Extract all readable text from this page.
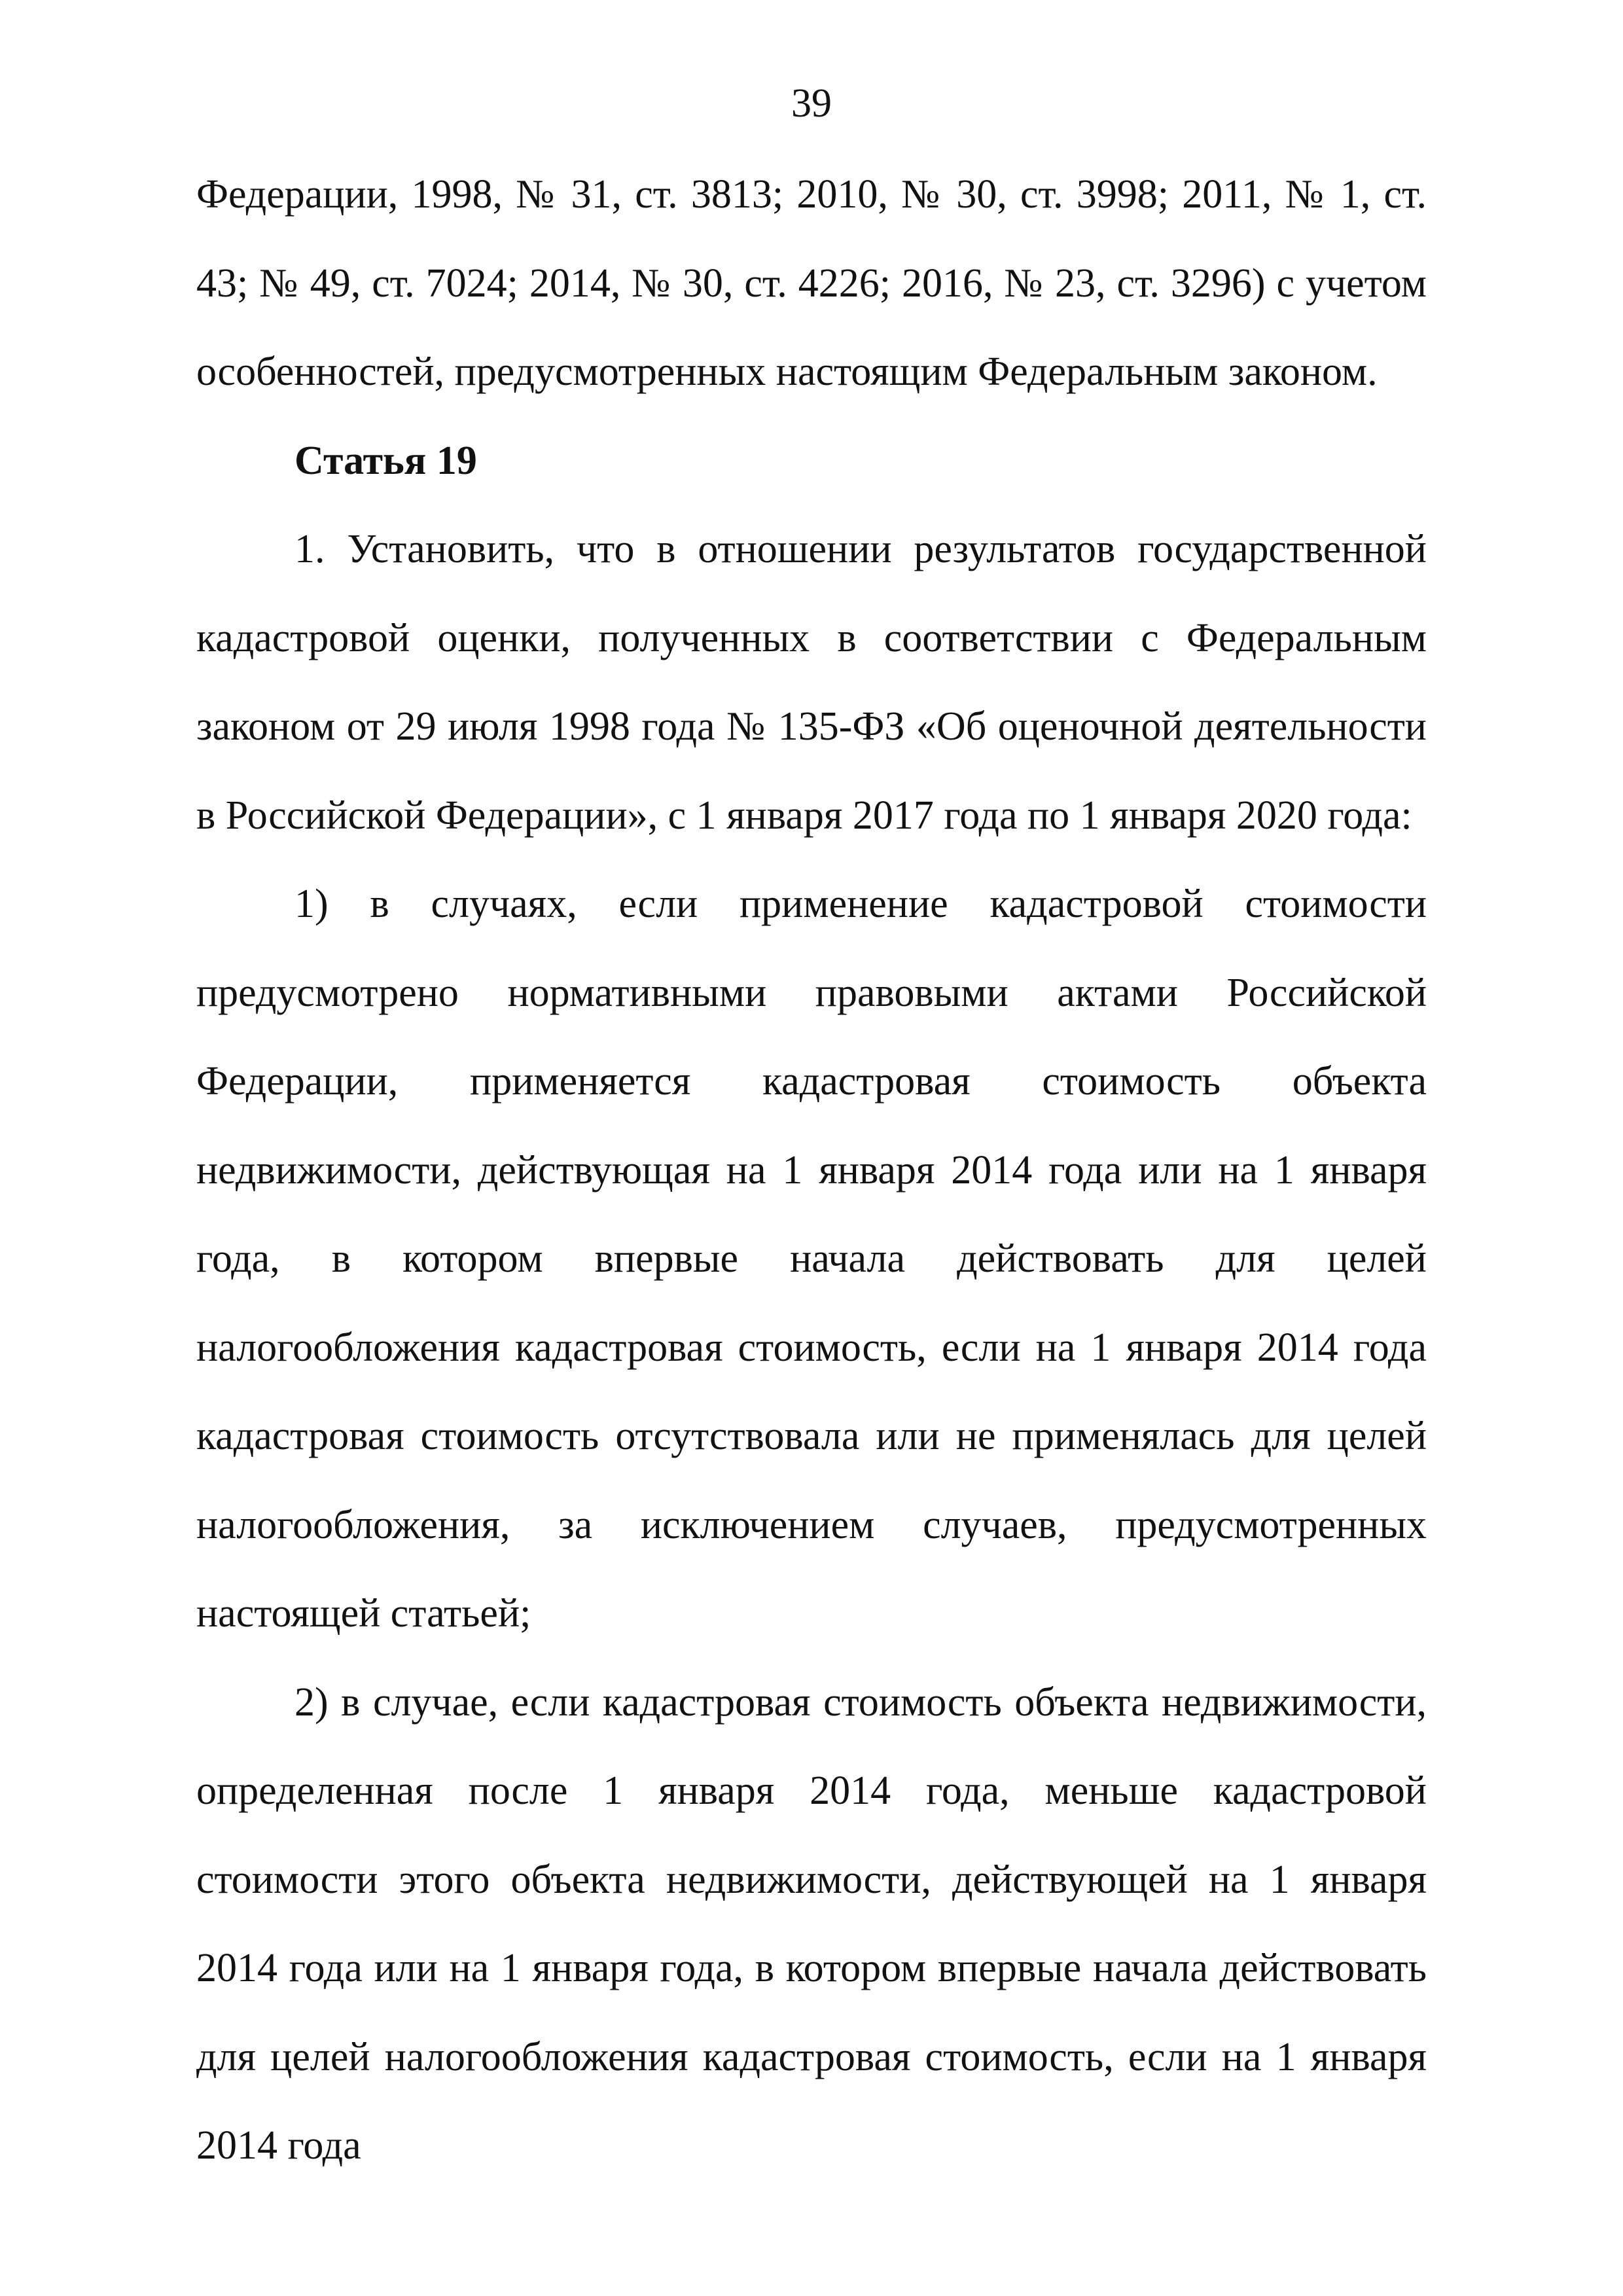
39

Федерации, 1998, № 31, ст. 3813; 2010, № 30, ст. 3998; 2011, № 1, ст. 43; № 49, ст. 7024; 2014, № 30, ст. 4226; 2016, № 23, ст. 3296) с учетом особенностей, предусмотренных настоящим Федеральным законом.

Статья 19

1. Установить, что в отношении результатов государственной кадастровой оценки, полученных в соответствии с Федеральным законом от 29 июля 1998 года № 135-ФЗ «Об оценочной деятельности в Российской Федерации», с 1 января 2017 года по 1 января 2020 года:

1) в случаях, если применение кадастровой стоимости предусмотрено нормативными правовыми актами Российской Федерации, применяется кадастровая стоимость объекта недвижимости, действующая на 1 января 2014 года или на 1 января года, в котором впервые начала действовать для целей налогообложения кадастровая стоимость, если на 1 января 2014 года кадастровая стоимость отсутствовала или не применялась для целей налогообложения, за исключением случаев, предусмотренных настоящей статьей;

2) в случае, если кадастровая стоимость объекта недвижимости, определенная после 1 января 2014 года, меньше кадастровой стоимости этого объекта недвижимости, действующей на 1 января 2014 года или на 1 января года, в котором впервые начала действовать для целей налогообложения кадастровая стоимость, если на 1 января 2014 года
